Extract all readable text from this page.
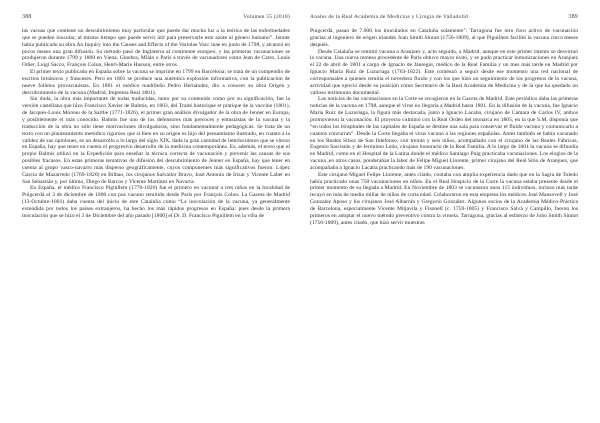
388	Volumen 55 (2018)

las vacuas que contiene un descubrimiento muy particular que puede dar mucha luz a la teórica de las enfermedades que se pueden inocular, al mismo tiempo que puede servir útil para preservarle este azote al género humano”. Jenner había publicado su obra An Inquiry into the Causes and Effects of the Variolae Vacc inae en junio de 1798, y alcanzó en pocos meses una gran difusión. Su método pasó de Inglaterra al continente europeo, y las primeras vacunaciones se produjeron durante 1799 y 1800 en Viena, Ginebra, Milán o París a través de vacunadores como Jean de Carro, Louis Odier, Luigi Sacco, François Colon, Henri-Marie Husson, entre otros.

El primer texto publicado en España sobre la vacuna se imprime en 1799 en Barcelona; se trata de un compendio de escritos británicos y franceses. Pero en 1801 se produce una auténtica explosión informativa, con la publicación de nueve folletos provacunistas. En 1801 el médico madrileño Pedro Hernández, dio a conocer su obra Origen y descubrimiento de la vacuna (Madrid, Imprenta Real 1801).

Sin duda, la obra más importante de todas traducidas, tanto por su contenido como por su significación, fue la versión castellana que hizo Francisco Xavier de Balmis, en 1803, del Traité historique et pratique de la vaccine (1801), de Jacques-Louis Moreau de la Sarthe (1771-1826), el primer gran análisis divulgador de la obra de Jenner en Europa, y posiblemente el más conocido. Balmis fue uno de los defensores más precoces y entusiastas de la vacuna y la traducción de la obra no sólo tiene motivaciones divulgadoras, sino fundamentalmente pedagógicas. Se trata de un texto con un planteamiento metódico riguroso que si bien en su origen es hijo del pensamiento ilustrado, en cuanto a la validez de sus opiniones, es un desarrollo a lo largo del siglo XIX, dada la gran cantidad de interlocutores que se vieron en España, hay que tener en cuenta el progresivo desarrollo de la medicina contemporánea. Es, además, el texto que el propio Balmis utilizó en la Expedición para enseñar la técnica correcta de vacunación y prevenir las causas de sus posibles fracasos. En estas primeras tentativas de difusión del descubrimiento de Jenner en España, hay que tener en cuenta al grupo vasco-navarro más disperso geográficamente, cuyos componentes más significativos fueron: López García de Mazarredo (1769-1820) en Bilbao, los cirujanos Salvador Bravo, José Antonio de Irízar y Vicente Laber en San Sebastián y, por último, Diego de Barcos y Vicente Martínez en Navarra.

En España, el médico Francisco Piguillem (1770-1826) fue el primero en vacunar a tres niños en la localidad de Puigcerdà el 3 de diciembre de 1800 con pus vacuno remitido desde París por François Colon. La Gaceta de Madrid (13-Octubre-1801) daba cuenta del inicio de este Cataluña como “La inoculación de la vacuna, ya generalmente extendida por todos los países extranjeros, ha hecho los más rápidos progresos en España: pues desde la primera inoculación que se hizo el 3 de Diciembre del año pasado [1800] el Dr. D. Francisco Piguillem en la villa de

Anales de la Real Academia de Medicina y Cirugía de Valladolid	389

Puigcerdà, pasan de 7.000 los inoculados en Cataluña solamente”. Tarragona fue otro foco activo de vacunación gracias al ingeniero de origen irlandés Juan Smith Sinnot (1756-1809), al que Piguillem facilitó la vacuna cinco meses después.

Desde Cataluña se remitió vacuna a Aranjuez y, acto seguido, a Madrid, aunque en este primer intento se desvirtuó la vacuna. Una nueva remesa procedente de París obtuvo mayor éxito, y se pudo practicar inmunizaciones en Aranjuez el 22 de abril de 1801 a cargo de Ignacio de Jáuregui, médico de la Real Familia y un mes más tarde en Madrid por Ignacio María Ruiz de Luzuriaga (1763-1822). Este comenzó a seguir desde ese momento una red nacional de corresponsales a quienes remitía el novedoso fluido y con los que hizo un seguimiento de los progresos de la vacuna, actividad que ejerció desde su posición como Secretario de la Real Academia de Medicina y de la que ha quedado un valioso testimonio documental.

Las noticias de las vacunaciones en la Corte se recogieron en la Gaceta de Madrid. Este periódico daba las primeras noticias de la vacuna en 1798, aunque el virus no llegaría a Madrid hasta 1801. En la difusión de la vacuna, fue Ignacio María Ruiz de Luzuriaga, la figura más destacada, junto a Ignacio Lacaba, cirujano de Cámara de Carlos IV, ambos promovieron la vacunación. El proyecto culminó con la Real Orden del monarca en 1805, en la que S.M. disponía que “en todos los Hospitales de las capitales de España se destine una sala para conservar el fluido vacuno y comunicarlo a cuantos concurran”. Desde la Corte llegaba el virus vacuno a las regiones españolas. Antes también se había vacunado en los Reales Sitios de San Ildefonso, con treinta y seis niños, acompañado con el cirujano de las Reales Fábricas, Eugenio Sacristán y de Jerónimo León, cirujano honorario de la Real Familia. A lo largo de 1801 la vacuna se difundía en Madrid, como en el Hospital de la Latina donde el médico Santiago Puig practicaba vacunaciones. Los elogios de la vacuna ,en otros casos, ponderaban la labor de Felipe Miguel Llorente, primer cirujano del Real Sitio de Aranjuez, que acompañaba a Ignacio Lacaba practicando más de 190 vacunaciones.

Este cirujano Miguel Felipe Llorente, antes citado, contaba con amplia experiencia dado que en la Sagra de Toledo había practicado unas 750 vacunaciones en niños. En el Real Hospicio de la Corte la vacuna estaba presente desde el primer momento de su llegada a Madrid. En Noviembre de 1803 se vacunaron unos 115 individuos, incluso más tarde recayó en más de medio millar de niños de corta edad. Colaboraron en esta empresa los médicos José Mansovell y José Gonzalez Aposo y los cirujanos José Albarrán y Gregorio González. Algunos socios de la Academia Médico-Práctica de Barcelona, especialmente Vicente Mitjavila y Fisonell (c. 1759-1805) y Francisco Salvà y Campillo, fueron los primeros en adoptar el nuevo método preventivo contra la viruela. Tarragona, gracias al esfuerzo de John Smith Sinnot (1756-1809), antes citado, que hizo servir muestras
